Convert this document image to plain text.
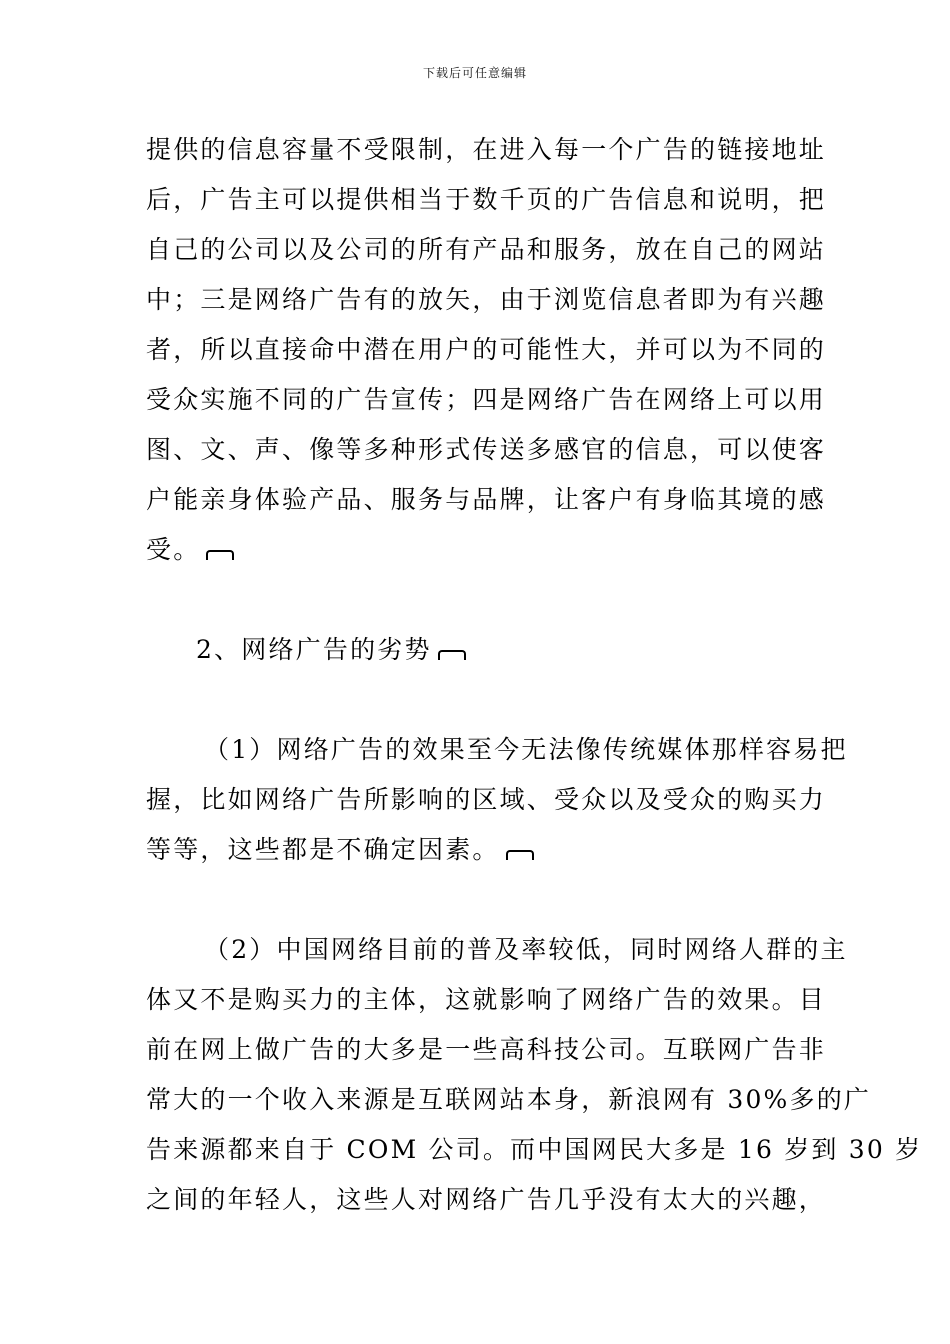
下载后可任意编辑
提供的信息容量不受限制，在进入每一个广告的链接地址
后，广告主可以提供相当于数千页的广告信息和说明，把
自己的公司以及公司的所有产品和服务，放在自己的网站
中；三是网络广告有的放矢，由于浏览信息者即为有兴趣
者，所以直接命中潜在用户的可能性大，并可以为不同的
受众实施不同的广告宣传；四是网络广告在网络上可以用
图、文、声、像等多种形式传送多感官的信息，可以使客
户能亲身体验产品、服务与品牌，让客户有身临其境的感
受。
2、网络广告的劣势
（1）网络广告的效果至今无法像传统媒体那样容易把
握，比如网络广告所影响的区域、受众以及受众的购买力
等等，这些都是不确定因素。
（2）中国网络目前的普及率较低，同时网络人群的主
体又不是购买力的主体，这就影响了网络广告的效果。目
前在网上做广告的大多是一些高科技公司。互联网广告非
常大的一个收入来源是互联网站本身，新浪网有 30%多的广
告来源都来自于 COM 公司。而中国网民大多是 16 岁到 30 岁
之间的年轻人，这些人对网络广告几乎没有太大的兴趣，
